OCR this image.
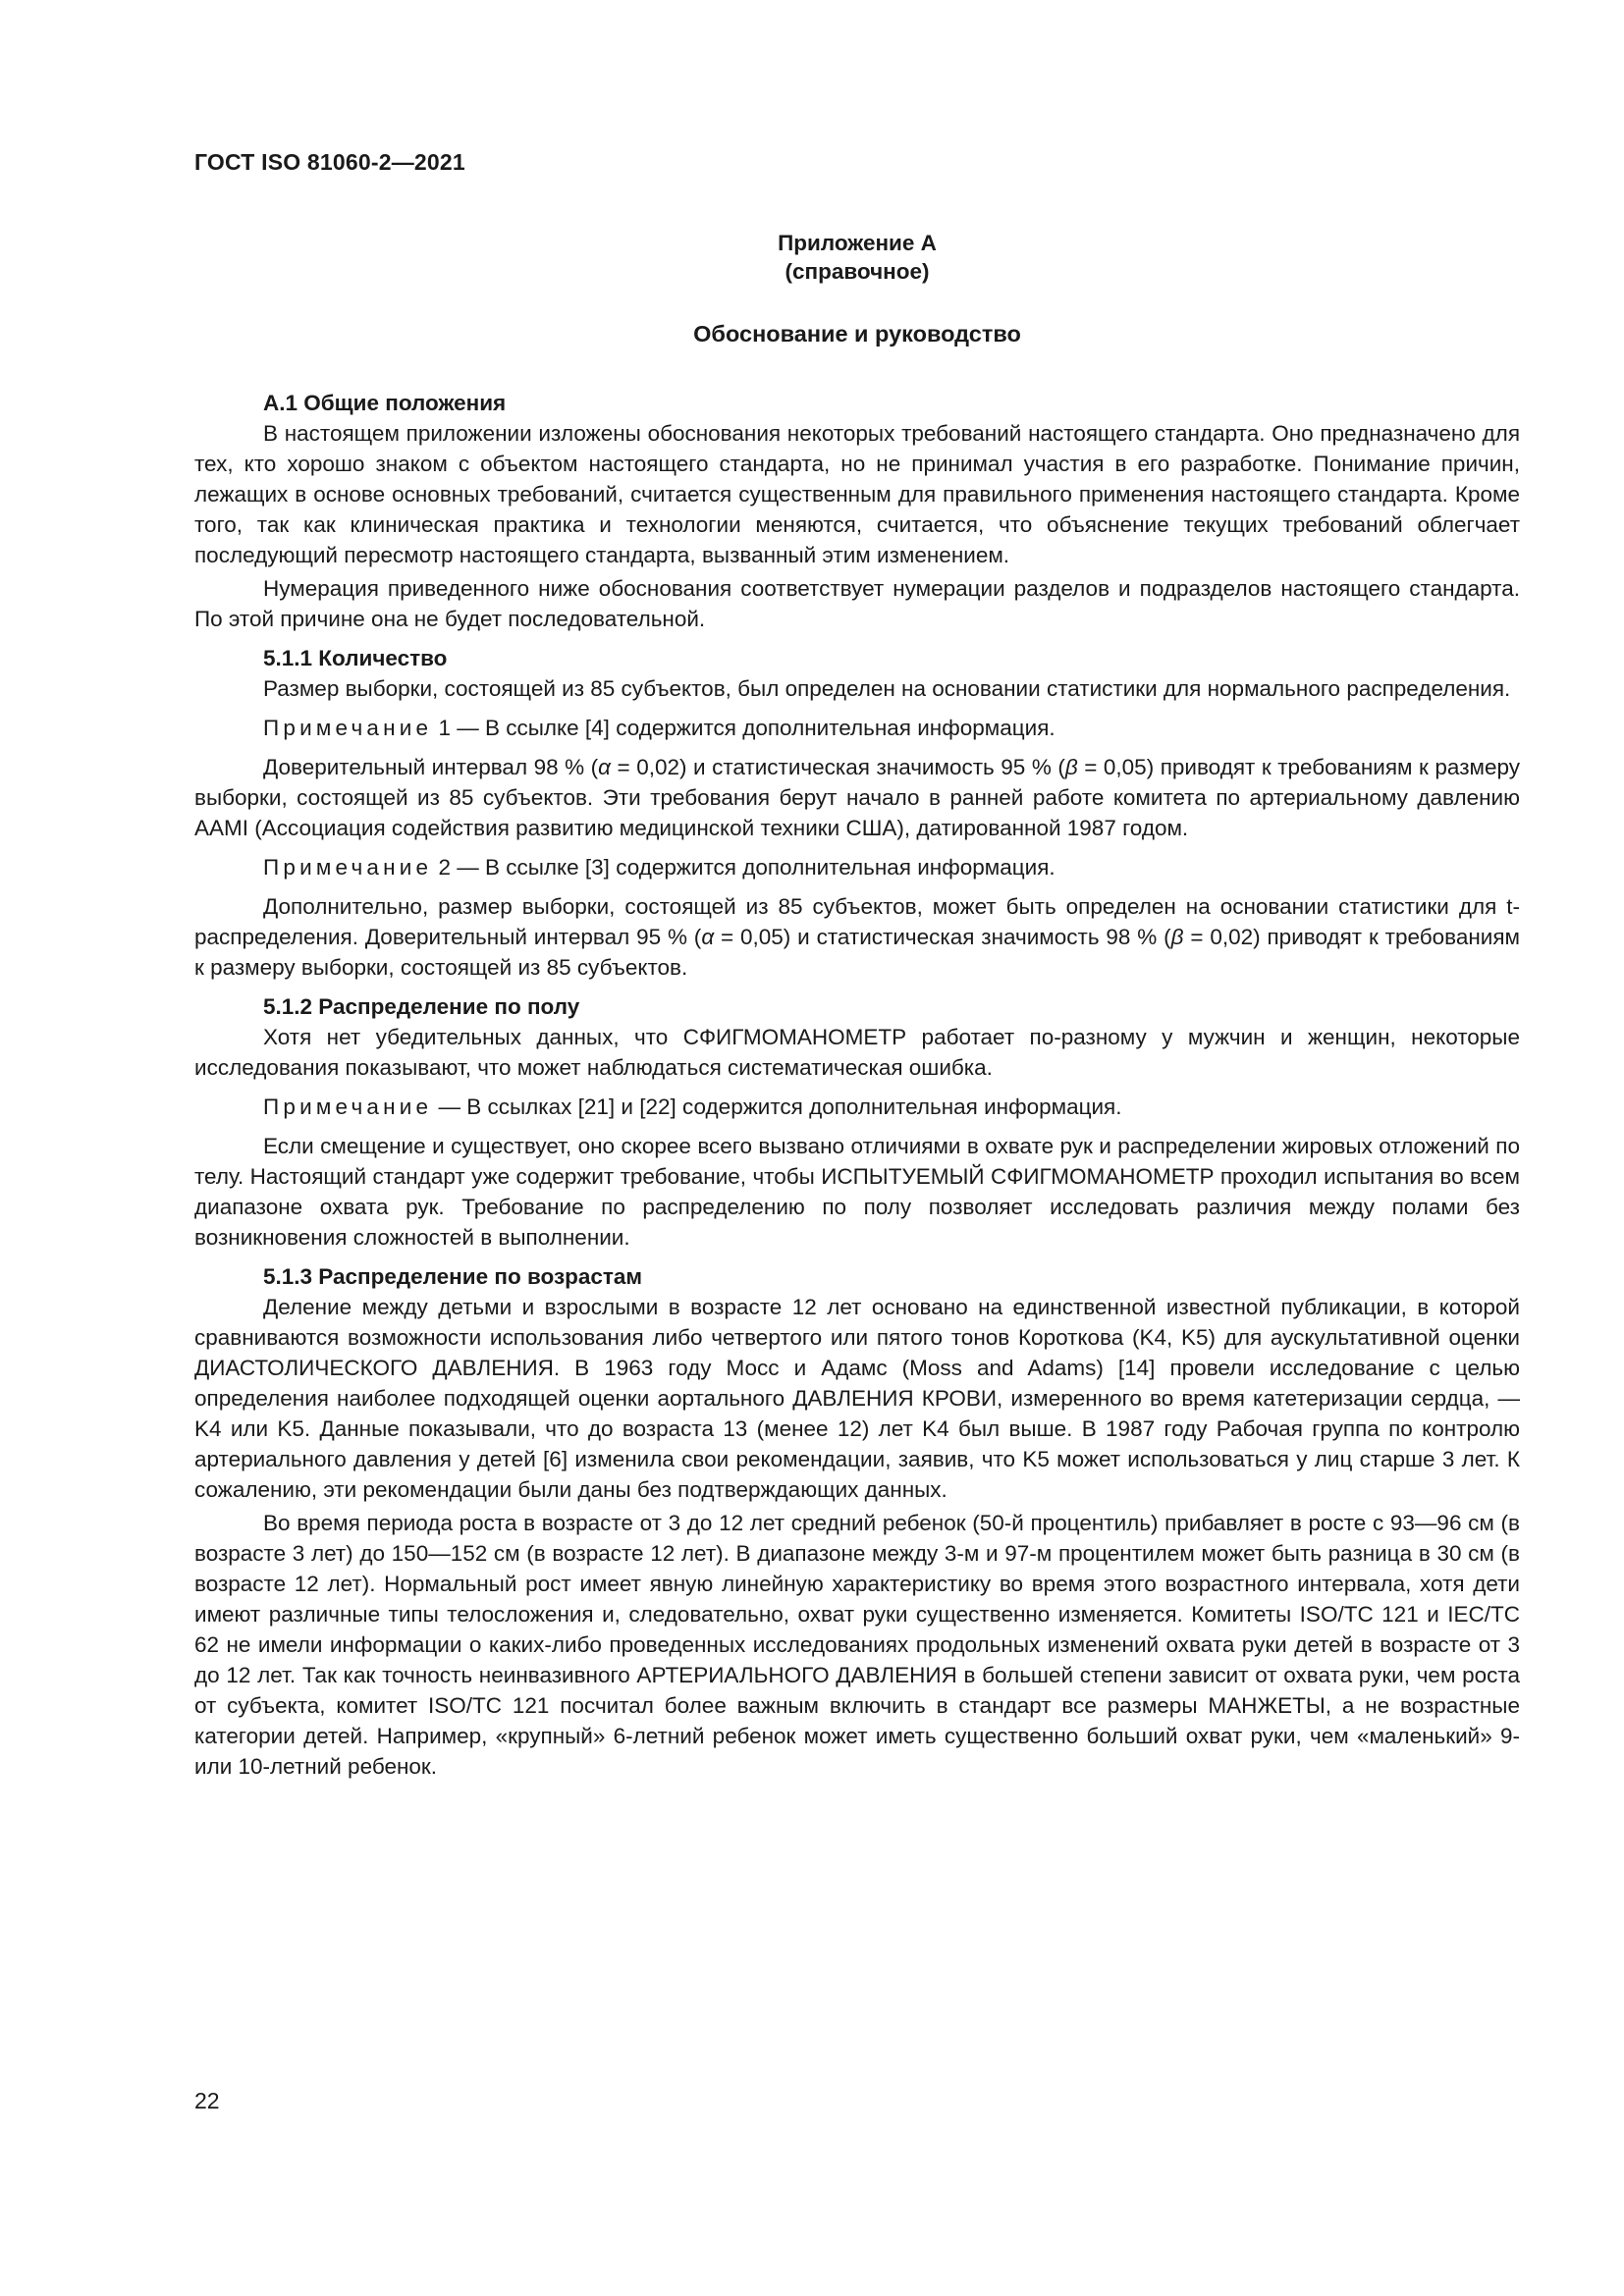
ГОСТ ISO 81060-2—2021
Приложение А
(справочное)
Обоснование и руководство
А.1 Общие положения

В настоящем приложении изложены обоснования некоторых требований настоящего стандарта. Оно предназначено для тех, кто хорошо знаком с объектом настоящего стандарта, но не принимал участия в его разработке. Понимание причин, лежащих в основе основных требований, считается существенным для правильного применения настоящего стандарта. Кроме того, так как клиническая практика и технологии меняются, считается, что объяснение текущих требований облегчает последующий пересмотр настоящего стандарта, вызванный этим изменением.

Нумерация приведенного ниже обоснования соответствует нумерации разделов и подразделов настоящего стандарта. По этой причине она не будет последовательной.

5.1.1 Количество

Размер выборки, состоящей из 85 субъектов, был определен на основании статистики для нормального распределения.

Примечание 1 — В ссылке [4] содержится дополнительная информация.

Доверительный интервал 98 % (α = 0,02) и статистическая значимость 95 % (β = 0,05) приводят к требованиям к размеру выборки, состоящей из 85 субъектов. Эти требования берут начало в ранней работе комитета по артериальному давлению AAMI (Ассоциация содействия развитию медицинской техники США), датированной 1987 годом.

Примечание 2 — В ссылке [3] содержится дополнительная информация.

Дополнительно, размер выборки, состоящей из 85 субъектов, может быть определен на основании статистики для t-распределения. Доверительный интервал 95 % (α = 0,05) и статистическая значимость 98 % (β = 0,02) приводят к требованиям к размеру выборки, состоящей из 85 субъектов.

5.1.2 Распределение по полу

Хотя нет убедительных данных, что СФИГМОМАНОМЕТР работает по-разному у мужчин и женщин, некоторые исследования показывают, что может наблюдаться систематическая ошибка.

Примечание — В ссылках [21] и [22] содержится дополнительная информация.

Если смещение и существует, оно скорее всего вызвано отличиями в охвате рук и распределении жировых отложений по телу. Настоящий стандарт уже содержит требование, чтобы ИСПЫТУЕМЫЙ СФИГМОМАНОМЕТР проходил испытания во всем диапазоне охвата рук. Требование по распределению по полу позволяет исследовать различия между полами без возникновения сложностей в выполнении.

5.1.3 Распределение по возрастам

Деление между детьми и взрослыми в возрасте 12 лет основано на единственной известной публикации, в которой сравниваются возможности использования либо четвертого или пятого тонов Короткова (K4, K5) для аускультативной оценки ДИАСТОЛИЧЕСКОГО ДАВЛЕНИЯ. В 1963 году Мосс и Адамс (Moss and Adams) [14] провели исследование с целью определения наиболее подходящей оценки аортального ДАВЛЕНИЯ КРОВИ, измеренного во время катетеризации сердца, — K4 или K5. Данные показывали, что до возраста 13 (менее 12) лет K4 был выше. В 1987 году Рабочая группа по контролю артериального давления у детей [6] изменила свои рекомендации, заявив, что K5 может использоваться у лиц старше 3 лет. К сожалению, эти рекомендации были даны без подтверждающих данных.

Во время периода роста в возрасте от 3 до 12 лет средний ребенок (50-й процентиль) прибавляет в росте с 93—96 см (в возрасте 3 лет) до 150—152 см (в возрасте 12 лет). В диапазоне между 3-м и 97-м процентилем может быть разница в 30 см (в возрасте 12 лет). Нормальный рост имеет явную линейную характеристику во время этого возрастного интервала, хотя дети имеют различные типы телосложения и, следовательно, охват руки существенно изменяется. Комитеты ISO/TC 121 и IEC/TC 62 не имели информации о каких-либо проведенных исследованиях продольных изменений охвата руки детей в возрасте от 3 до 12 лет. Так как точность неинвазивного АРТЕРИАЛЬНОГО ДАВЛЕНИЯ в большей степени зависит от охвата руки, чем роста от субъекта, комитет ISO/TC 121 посчитал более важным включить в стандарт все размеры МАНЖЕТЫ, а не возрастные категории детей. Например, «крупный» 6-летний ребенок может иметь существенно больший охват руки, чем «маленький» 9- или 10-летний ребенок.

22
